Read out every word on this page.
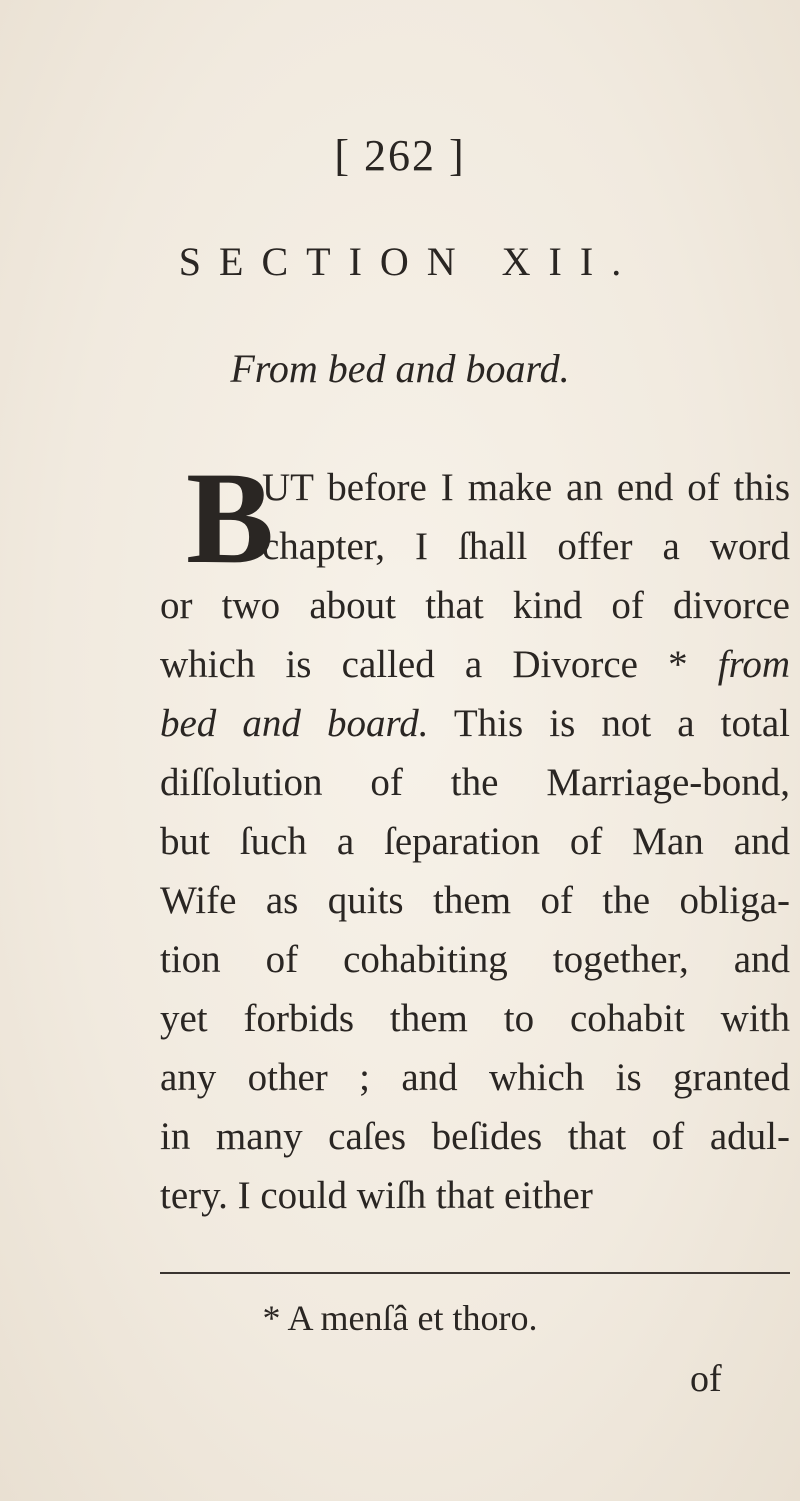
[ 262 ]
SECTION XII.
From bed and board.
B
UT before I make an end of this
chapter, I ſhall offer a word
or two about that kind of divorce
which is called a Divorce * from
bed and board. This is not a total
diſſolution of the Marriage-bond,
but ſuch a ſeparation of Man and
Wife as quits them of the obliga-
tion of cohabiting together, and
yet forbids them to cohabit with
any other ; and which is granted
in many caſes beſides that of adul-
tery. I could wiſh that either
* A menſâ et thoro.
of
